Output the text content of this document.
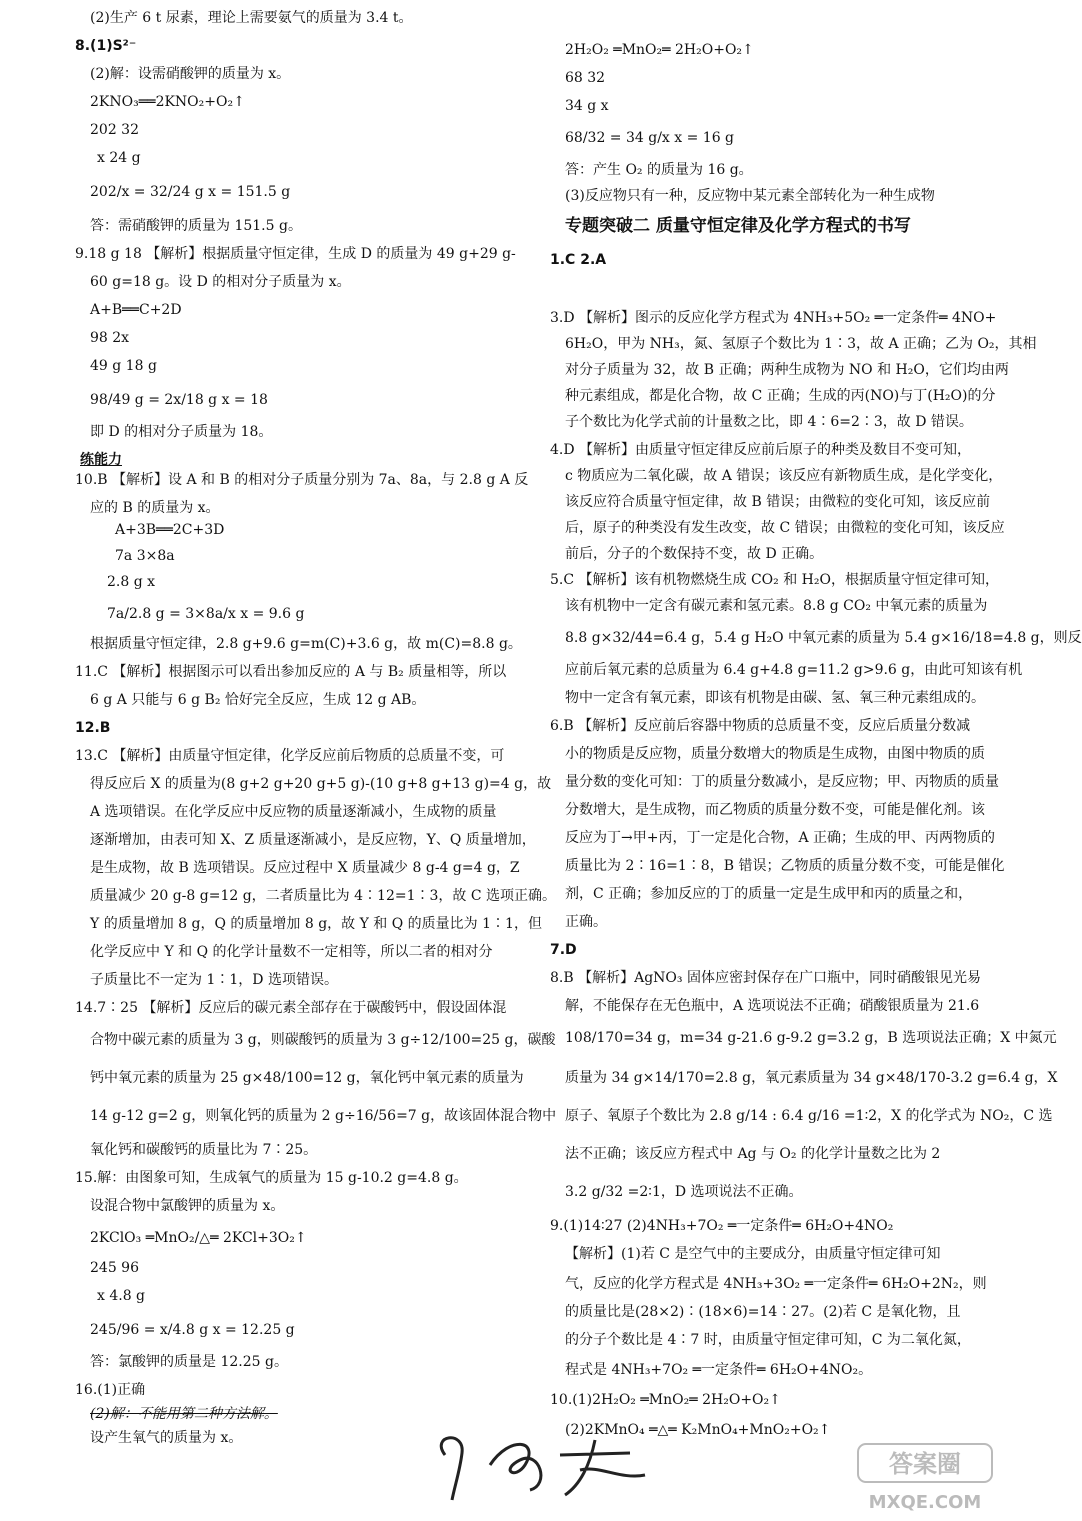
(2)生产 6 t 尿素，理论上需要氨气的质量为 3.4 t。
8.(1)S²⁻
(2)解：设需硝酸钾的质量为 x。
2KNO₃══2KNO₂+O₂↑
202 32
x 24 g
202/x = 32/24 g x = 151.5 g
答：需硝酸钾的质量为 151.5 g。
9.18 g 18 【解析】根据质量守恒定律，生成 D 的质量为 49 g+29 g-
60 g=18 g。设 D 的相对分子质量为 x。
A+B══C+2D
98 2x
49 g 18 g
98/49 g = 2x/18 g x = 18
即 D 的相对分子质量为 18。
练能力
10.B 【解析】设 A 和 B 的相对分子质量分别为 7a、8a，与 2.8 g A 反
应的 B 的质量为 x。
A+3B══2C+3D
7a 3×8a
2.8 g x
7a/2.8 g = 3×8a/x x = 9.6 g
根据质量守恒定律，2.8 g+9.6 g=m(C)+3.6 g，故 m(C)=8.8 g。
11.C 【解析】根据图示可以看出参加反应的 A 与 B₂ 质量相等，所以
6 g A 只能与 6 g B₂ 恰好完全反应，生成 12 g AB。
12.B
13.C 【解析】由质量守恒定律，化学反应前后物质的总质量不变，可
得反应后 X 的质量为(8 g+2 g+20 g+5 g)-(10 g+8 g+13 g)=4 g，故
A 选项错误。在化学反应中反应物的质量逐渐减小，生成物的质量
逐渐增加，由表可知 X、Z 质量逐渐减小，是反应物，Y、Q 质量增加，
是生成物，故 B 选项错误。反应过程中 X 质量减少 8 g-4 g=4 g，Z
质量减少 20 g-8 g=12 g，二者质量比为 4∶12=1∶3，故 C 选项正确。
Y 的质量增加 8 g，Q 的质量增加 8 g，故 Y 和 Q 的质量比为 1∶1，但
化学反应中 Y 和 Q 的化学计量数不一定相等，所以二者的相对分
子质量比不一定为 1∶1，D 选项错误。
14.7∶25 【解析】反应后的碳元素全部存在于碳酸钙中，假设固体混
合物中碳元素的质量为 3 g，则碳酸钙的质量为 3 g÷12/100=25 g，碳酸
钙中氧元素的质量为 25 g×48/100=12 g，氧化钙中氧元素的质量为
14 g-12 g=2 g，则氧化钙的质量为 2 g÷16/56=7 g，故该固体混合物中
氧化钙和碳酸钙的质量比为 7∶25。
15.解：由图象可知，生成氧气的质量为 15 g-10.2 g=4.8 g。
设混合物中氯酸钾的质量为 x。
2KClO₃ ═MnO₂/△═ 2KCl+3O₂↑
245 96
x 4.8 g
245/96 = x/4.8 g x = 12.25 g
答：氯酸钾的质量是 12.25 g。
16.(1)正确
(2)解：不能用第二种方法解。
设产生氧气的质量为 x。
2H₂O₂ ═MnO₂═ 2H₂O+O₂↑
68 32
34 g x
68/32 = 34 g/x x = 16 g
答：产生 O₂ 的质量为 16 g。
(3)反应物只有一种，反应物中某元素全部转化为一种生成物
专题突破二 质量守恒定律及化学方程式的书写
1.C 2.A
3.D 【解析】图示的反应化学方程式为 4NH₃+5O₂ ═一定条件═ 4NO+
6H₂O，甲为 NH₃，氮、氢原子个数比为 1∶3，故 A 正确；乙为 O₂，其相
对分子质量为 32，故 B 正确；两种生成物为 NO 和 H₂O，它们均由两
种元素组成，都是化合物，故 C 正确；生成的丙(NO)与丁(H₂O)的分
子个数比为化学式前的计量数之比，即 4∶6=2∶3，故 D 错误。
4.D 【解析】由质量守恒定律反应前后原子的种类及数目不变可知，
c 物质应为二氧化碳，故 A 错误；该反应有新物质生成，是化学变化，
该反应符合质量守恒定律，故 B 错误；由微粒的变化可知，该反应前
后，原子的种类没有发生改变，故 C 错误；由微粒的变化可知，该反应
前后，分子的个数保持不变，故 D 正确。
5.C 【解析】该有机物燃烧生成 CO₂ 和 H₂O，根据质量守恒定律可知，
该有机物中一定含有碳元素和氢元素。8.8 g CO₂ 中氧元素的质量为
8.8 g×32/44=6.4 g，5.4 g H₂O 中氧元素的质量为 5.4 g×16/18=4.8 g，则反
应前后氧元素的总质量为 6.4 g+4.8 g=11.2 g>9.6 g，由此可知该有机
物中一定含有氧元素，即该有机物是由碳、氢、氧三种元素组成的。
6.B 【解析】反应前后容器中物质的总质量不变，反应后质量分数减
小的物质是反应物，质量分数增大的物质是生成物，由图中物质的质
量分数的变化可知：丁的质量分数减小，是反应物；甲、丙物质的质量
分数增大，是生成物，而乙物质的质量分数不变，可能是催化剂。该
反应为丁→甲+丙，丁一定是化合物，A 正确；生成的甲、丙两物质的
质量比为 2∶16=1∶8，B 错误；乙物质的质量分数不变，可能是催化
剂，C 正确；参加反应的丁的质量一定是生成甲和丙的质量之和，
正确。
7.D
8.B 【解析】AgNO₃ 固体应密封保存在广口瓶中，同时硝酸银见光易
解，不能保存在无色瓶中，A 选项说法不正确；硝酸银质量为 21.6
108/170=34 g，m=34 g-21.6 g-9.2 g=3.2 g，B 选项说法正确；X 中氮元
质量为 34 g×14/170=2.8 g，氧元素质量为 34 g×48/170-3.2 g=6.4 g，X
原子、氧原子个数比为 2.8 g/14 : 6.4 g/16 =1∶2，X 的化学式为 NO₂，C 选
法不正确；该反应方程式中 Ag 与 O₂ 的化学计量数之比为 2
3.2 g/32 =2∶1，D 选项说法不正确。
9.(1)14∶27 (2)4NH₃+7O₂ ═一定条件═ 6H₂O+4NO₂
【解析】(1)若 C 是空气中的主要成分，由质量守恒定律可知
气，反应的化学方程式是 4NH₃+3O₂ ═一定条件═ 6H₂O+2N₂，则
的质量比是(28×2)∶(18×6)=14∶27。(2)若 C 是氧化物，且
的分子个数比是 4∶7 时，由质量守恒定律可知，C 为二氧化氮，
程式是 4NH₃+7O₂ ═一定条件═ 6H₂O+4NO₂。
10.(1)2H₂O₂ ═MnO₂═ 2H₂O+O₂↑
(2)2KMnO₄ ═△═ K₂MnO₄+MnO₂+O₂↑
答案圈
MXQE.COM
